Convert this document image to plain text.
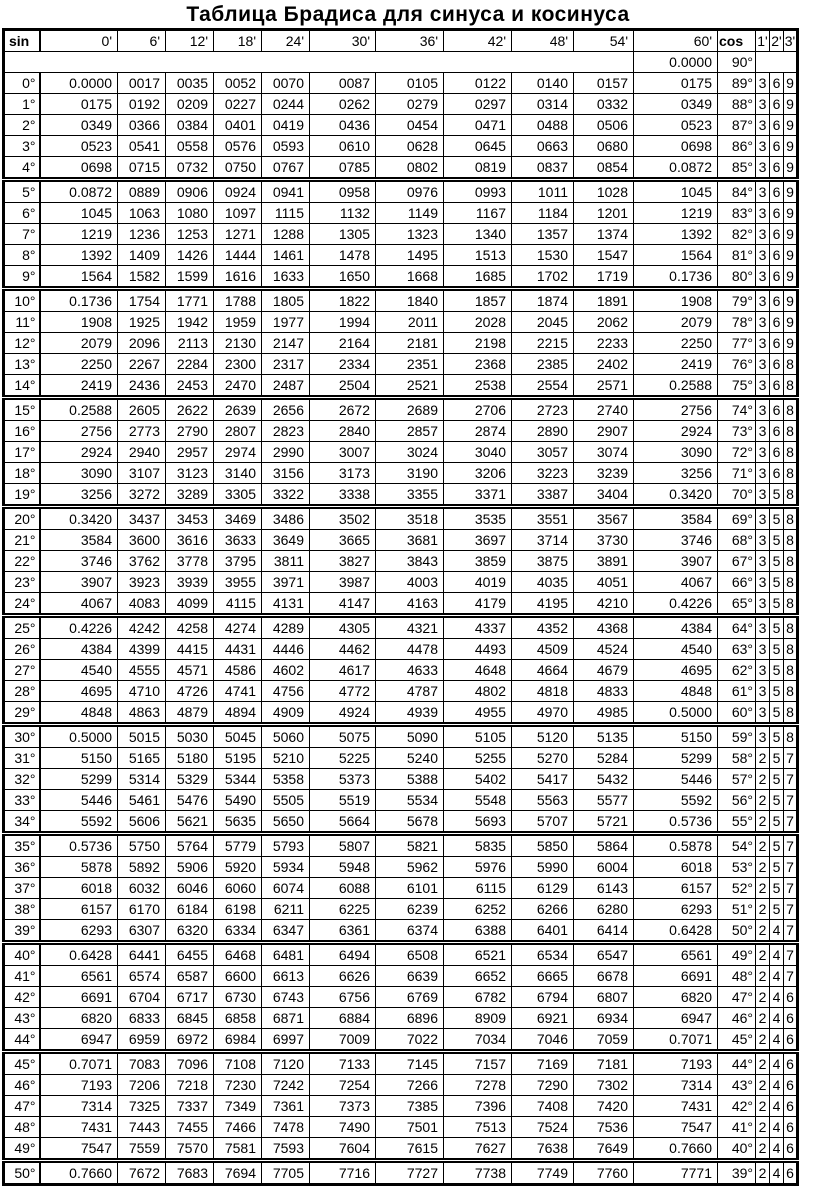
Таблица Брадиса для синуса и косинуса
sin	0'	6'	12'	18'	24'	30'	36'	42'	48'	54'	60'	cos	1'	2'	3'
											0.0000	90°			
0°	0.0000	0017	0035	0052	0070	0087	0105	0122	0140	0157	0175	89°	3	6	9
1°	0175	0192	0209	0227	0244	0262	0279	0297	0314	0332	0349	88°	3	6	9
2°	0349	0366	0384	0401	0419	0436	0454	0471	0488	0506	0523	87°	3	6	9
3°	0523	0541	0558	0576	0593	0610	0628	0645	0663	0680	0698	86°	3	6	9
4°	0698	0715	0732	0750	0767	0785	0802	0819	0837	0854	0.0872	85°	3	6	9
5°	0.0872	0889	0906	0924	0941	0958	0976	0993	1011	1028	1045	84°	3	6	9
6°	1045	1063	1080	1097	1115	1132	1149	1167	1184	1201	1219	83°	3	6	9
7°	1219	1236	1253	1271	1288	1305	1323	1340	1357	1374	1392	82°	3	6	9
8°	1392	1409	1426	1444	1461	1478	1495	1513	1530	1547	1564	81°	3	6	9
9°	1564	1582	1599	1616	1633	1650	1668	1685	1702	1719	0.1736	80°	3	6	9
10°	0.1736	1754	1771	1788	1805	1822	1840	1857	1874	1891	1908	79°	3	6	9
11°	1908	1925	1942	1959	1977	1994	2011	2028	2045	2062	2079	78°	3	6	9
12°	2079	2096	2113	2130	2147	2164	2181	2198	2215	2233	2250	77°	3	6	9
13°	2250	2267	2284	2300	2317	2334	2351	2368	2385	2402	2419	76°	3	6	8
14°	2419	2436	2453	2470	2487	2504	2521	2538	2554	2571	0.2588	75°	3	6	8
15°	0.2588	2605	2622	2639	2656	2672	2689	2706	2723	2740	2756	74°	3	6	8
16°	2756	2773	2790	2807	2823	2840	2857	2874	2890	2907	2924	73°	3	6	8
17°	2924	2940	2957	2974	2990	3007	3024	3040	3057	3074	3090	72°	3	6	8
18°	3090	3107	3123	3140	3156	3173	3190	3206	3223	3239	3256	71°	3	6	8
19°	3256	3272	3289	3305	3322	3338	3355	3371	3387	3404	0.3420	70°	3	5	8
20°	0.3420	3437	3453	3469	3486	3502	3518	3535	3551	3567	3584	69°	3	5	8
21°	3584	3600	3616	3633	3649	3665	3681	3697	3714	3730	3746	68°	3	5	8
22°	3746	3762	3778	3795	3811	3827	3843	3859	3875	3891	3907	67°	3	5	8
23°	3907	3923	3939	3955	3971	3987	4003	4019	4035	4051	4067	66°	3	5	8
24°	4067	4083	4099	4115	4131	4147	4163	4179	4195	4210	0.4226	65°	3	5	8
25°	0.4226	4242	4258	4274	4289	4305	4321	4337	4352	4368	4384	64°	3	5	8
26°	4384	4399	4415	4431	4446	4462	4478	4493	4509	4524	4540	63°	3	5	8
27°	4540	4555	4571	4586	4602	4617	4633	4648	4664	4679	4695	62°	3	5	8
28°	4695	4710	4726	4741	4756	4772	4787	4802	4818	4833	4848	61°	3	5	8
29°	4848	4863	4879	4894	4909	4924	4939	4955	4970	4985	0.5000	60°	3	5	8
30°	0.5000	5015	5030	5045	5060	5075	5090	5105	5120	5135	5150	59°	3	5	8
31°	5150	5165	5180	5195	5210	5225	5240	5255	5270	5284	5299	58°	2	5	7
32°	5299	5314	5329	5344	5358	5373	5388	5402	5417	5432	5446	57°	2	5	7
33°	5446	5461	5476	5490	5505	5519	5534	5548	5563	5577	5592	56°	2	5	7
34°	5592	5606	5621	5635	5650	5664	5678	5693	5707	5721	0.5736	55°	2	5	7
35°	0.5736	5750	5764	5779	5793	5807	5821	5835	5850	5864	0.5878	54°	2	5	7
36°	5878	5892	5906	5920	5934	5948	5962	5976	5990	6004	6018	53°	2	5	7
37°	6018	6032	6046	6060	6074	6088	6101	6115	6129	6143	6157	52°	2	5	7
38°	6157	6170	6184	6198	6211	6225	6239	6252	6266	6280	6293	51°	2	5	7
39°	6293	6307	6320	6334	6347	6361	6374	6388	6401	6414	0.6428	50°	2	4	7
40°	0.6428	6441	6455	6468	6481	6494	6508	6521	6534	6547	6561	49°	2	4	7
41°	6561	6574	6587	6600	6613	6626	6639	6652	6665	6678	6691	48°	2	4	7
42°	6691	6704	6717	6730	6743	6756	6769	6782	6794	6807	6820	47°	2	4	6
43°	6820	6833	6845	6858	6871	6884	6896	8909	6921	6934	6947	46°	2	4	6
44°	6947	6959	6972	6984	6997	7009	7022	7034	7046	7059	0.7071	45°	2	4	6
45°	0.7071	7083	7096	7108	7120	7133	7145	7157	7169	7181	7193	44°	2	4	6
46°	7193	7206	7218	7230	7242	7254	7266	7278	7290	7302	7314	43°	2	4	6
47°	7314	7325	7337	7349	7361	7373	7385	7396	7408	7420	7431	42°	2	4	6
48°	7431	7443	7455	7466	7478	7490	7501	7513	7524	7536	7547	41°	2	4	6
49°	7547	7559	7570	7581	7593	7604	7615	7627	7638	7649	0.7660	40°	2	4	6
50°	0.7660	7672	7683	7694	7705	7716	7727	7738	7749	7760	7771	39°	2	4	6
